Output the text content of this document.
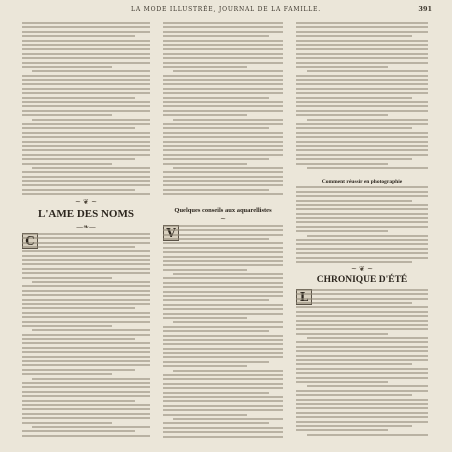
LA MODE ILLUSTRÉE, JOURNAL DE LA FAMILLE.	391
~ ❦ ~
L'AME DES NOMS
—❧—
Quelques conseils aux aquarellistes
~
Comment réussir en photographie
~ ❦ ~
CHRONIQUE D'ÉTÉ
